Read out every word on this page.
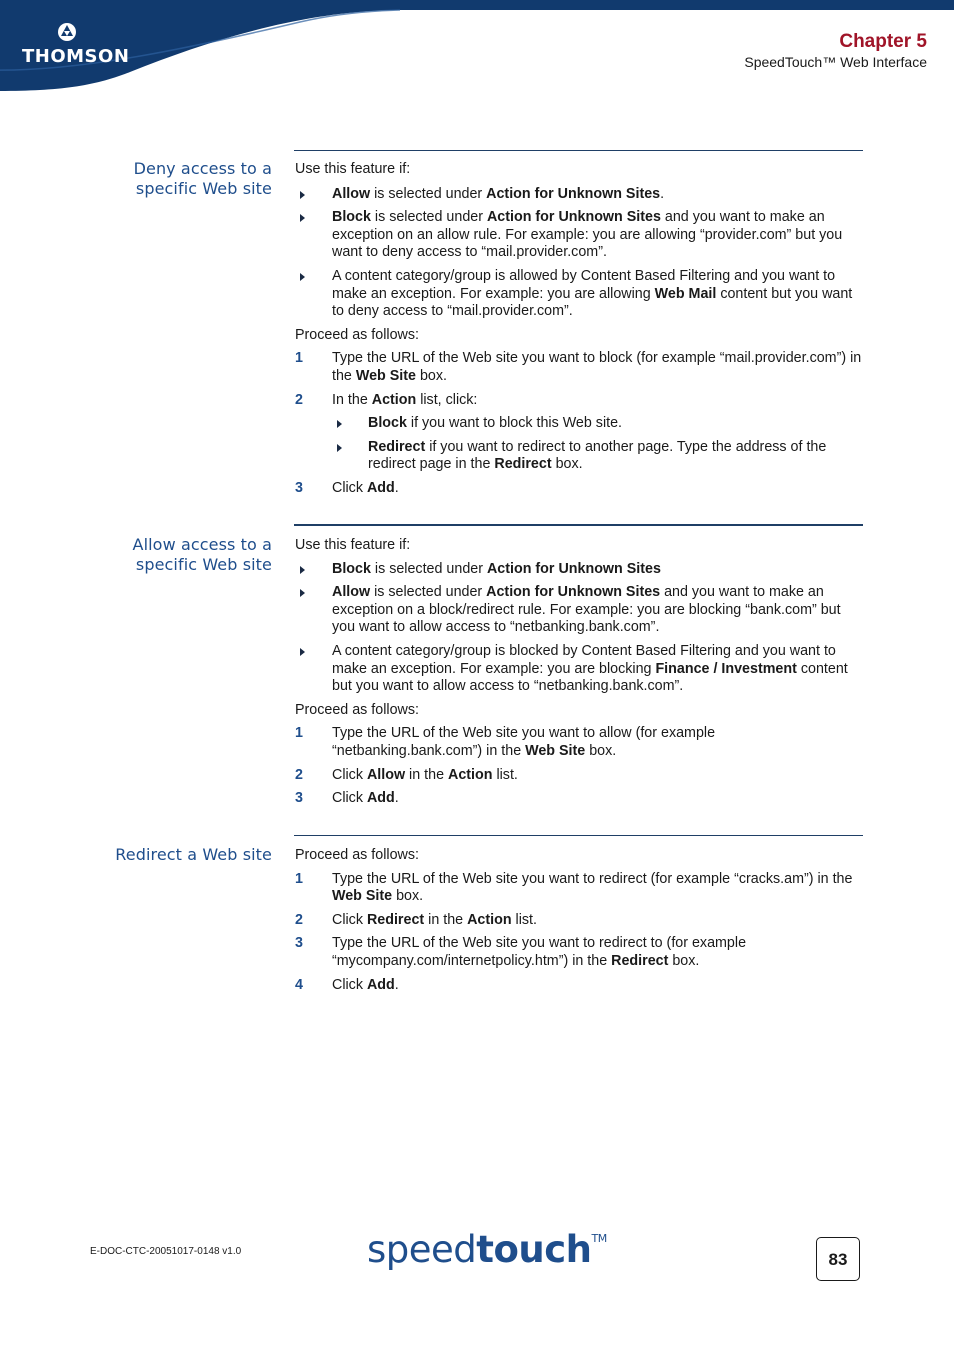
THOMSON
Chapter 5
SpeedTouch™ Web Interface
Deny access to a
specific Web site

Use this feature if:

Allow is selected under Action for Unknown Sites.
Block is selected under Action for Unknown Sites and you want to make an exception on an allow rule. For example: you are allowing “provider.com” but you want to deny access to “mail.provider.com”.
A content category/group is allowed by Content Based Filtering and you want to make an exception. For example: you are allowing Web Mail content but you want to deny access to “mail.provider.com”.

Proceed as follows:

1 Type the URL of the Web site you want to block (for example “mail.provider.com”) in the Web Site box.
2 In the Action list, click:
Block if you want to block this Web site.
Redirect if you want to redirect to another page. Type the address of the redirect page in the Redirect box.
3 Click Add.
Allow access to a
specific Web site

Use this feature if:

Block is selected under Action for Unknown Sites
Allow is selected under Action for Unknown Sites and you want to make an exception on a block/redirect rule. For example: you are blocking “bank.com” but you want to allow access to “netbanking.bank.com”.
A content category/group is blocked by Content Based Filtering and you want to make an exception. For example: you are blocking Finance / Investment content but you want to allow access to “netbanking.bank.com”.

Proceed as follows:

1 Type the URL of the Web site you want to allow (for example “netbanking.bank.com”) in the Web Site box.
2 Click Allow in the Action list.
3 Click Add.
Redirect a Web site Proceed as follows:

1 Type the URL of the Web site you want to redirect (for example “cracks.am”) in the Web Site box.
2 Click Redirect in the Action list.
3 Type the URL of the Web site you want to redirect to (for example “mycompany.com/internetpolicy.htm”) in the Redirect box.
4 Click Add.
E-DOC-CTC-20051017-0148 v1.0	speedtouch™
83
